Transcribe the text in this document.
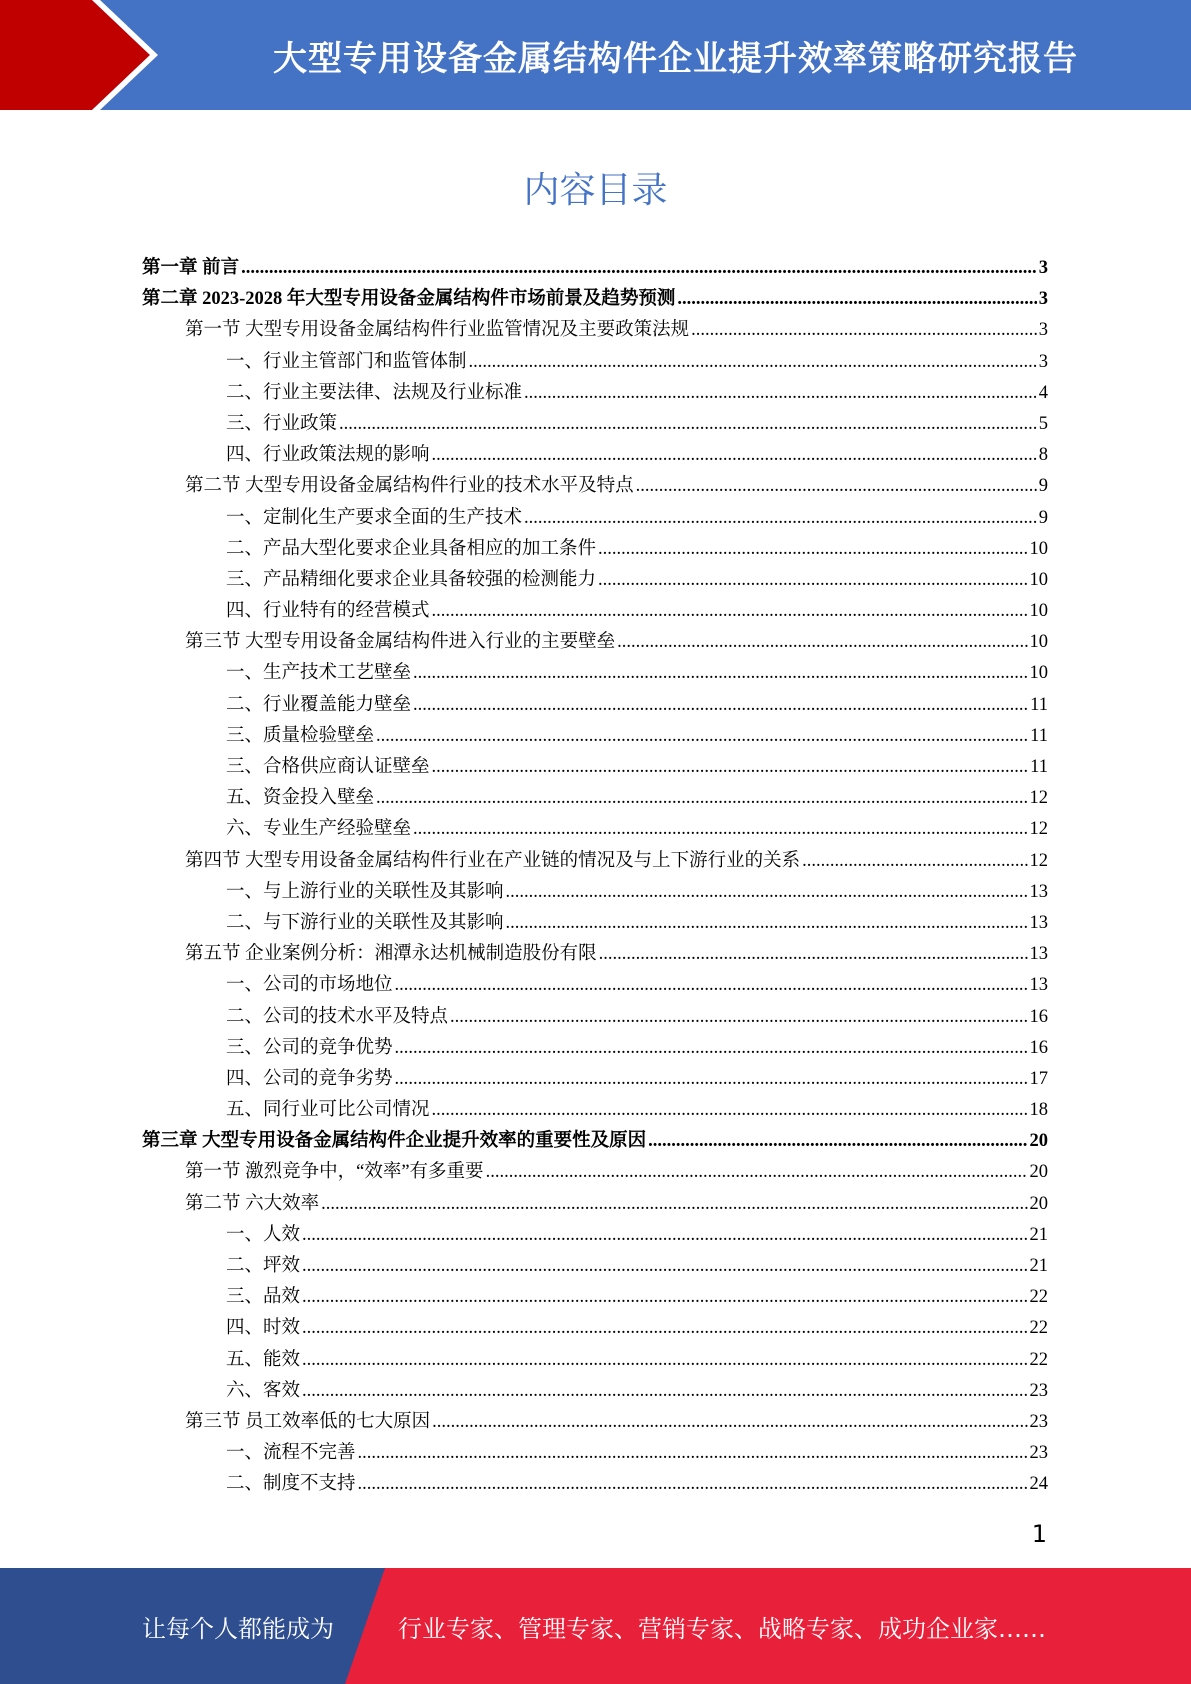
大型专用设备金属结构件企业提升效率策略研究报告
内容目录
第一章 前言 .....	3
第二章 2023-2028 年大型专用设备金属结构件市场前景及趋势预测 .....	3
第一节 大型专用设备金属结构件行业监管情况及主要政策法规 .....	3
一、行业主管部门和监管体制 .....	3
二、行业主要法律、法规及行业标准 .....	4
三、行业政策 .....	5
四、行业政策法规的影响 .....	8
第二节 大型专用设备金属结构件行业的技术水平及特点 .....	9
一、定制化生产要求全面的生产技术 .....	9
二、产品大型化要求企业具备相应的加工条件 .....	10
三、产品精细化要求企业具备较强的检测能力 .....	10
四、行业特有的经营模式 .....	10
第三节 大型专用设备金属结构件进入行业的主要壁垒 .....	10
一、生产技术工艺壁垒 .....	10
二、行业覆盖能力壁垒 .....	11
三、质量检验壁垒 .....	11
三、合格供应商认证壁垒 .....	11
五、资金投入壁垒 .....	12
六、专业生产经验壁垒 .....	12
第四节 大型专用设备金属结构件行业在产业链的情况及与上下游行业的关系 .....	12
一、与上游行业的关联性及其影响 .....	13
二、与下游行业的关联性及其影响 .....	13
第五节 企业案例分析：湘潭永达机械制造股份有限 .....	13
一、公司的市场地位 .....	13
二、公司的技术水平及特点 .....	16
三、公司的竞争优势 .....	16
四、公司的竞争劣势 .....	17
五、同行业可比公司情况 .....	18
第三章 大型专用设备金属结构件企业提升效率的重要性及原因 .....	20
第一节 激烈竞争中，“效率”有多重要 .....	20
第二节 六大效率 .....	20
一、人效 .....	21
二、坪效 .....	21
三、品效 .....	22
四、时效 .....	22
五、能效 .....	22
六、客效 .....	23
第三节 员工效率低的七大原因 .....	23
一、流程不完善 .....	23
二、制度不支持 .....	24
1
让每个人都能成为	行业专家、管理专家、营销专家、战略专家、成功企业家……
